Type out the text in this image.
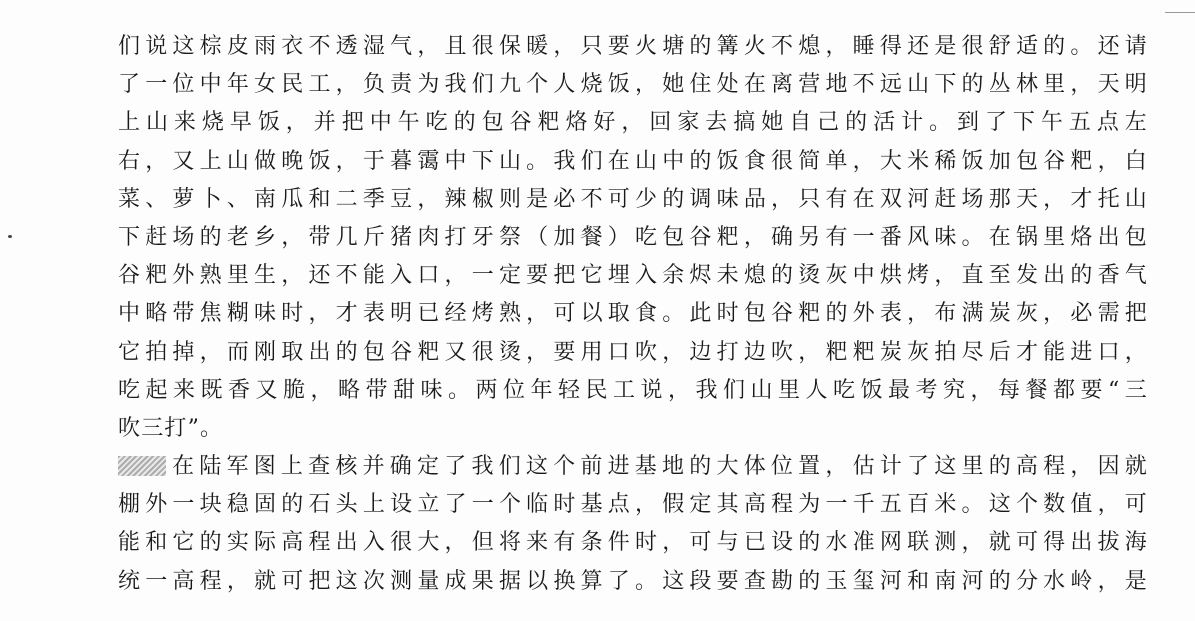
们说这棕皮雨衣不透湿气，且很保暖，只要火塘的篝火不熄，睡得还是很舒适的。还请
了一位中年女民工，负责为我们九个人烧饭，她住处在离营地不远山下的丛林里，天明
上山来烧早饭，并把中午吃的包谷粑烙好，回家去搞她自己的活计。到了下午五点左
右，又上山做晚饭，于暮霭中下山。我们在山中的饭食很简单，大米稀饭加包谷粑，白
菜、萝卜、南瓜和二季豆，辣椒则是必不可少的调味品，只有在双河赶场那天，才托山
下赶场的老乡，带几斤猪肉打牙祭（加餐）吃包谷粑，确另有一番风味。在锅里烙出包
谷粑外熟里生，还不能入口，一定要把它埋入余烬未熄的烫灰中烘烤，直至发出的香气
中略带焦糊味时，才表明已经烤熟，可以取食。此时包谷粑的外表，布满炭灰，必需把
它拍掉，而刚取出的包谷粑又很烫，要用口吹，边打边吹，粑粑炭灰拍尽后才能进口，
吃起来既香又脆，略带甜味。两位年轻民工说，我们山里人吃饭最考究，每餐都要“三
吹三打”。
在陆军图上查核并确定了我们这个前进基地的大体位置，估计了这里的高程，因就
棚外一块稳固的石头上设立了一个临时基点，假定其高程为一千五百米。这个数值，可
能和它的实际高程出入很大，但将来有条件时，可与已设的水准网联测，就可得出拔海
统一高程，就可把这次测量成果据以换算了。这段要查勘的玉玺河和南河的分水岭，是
